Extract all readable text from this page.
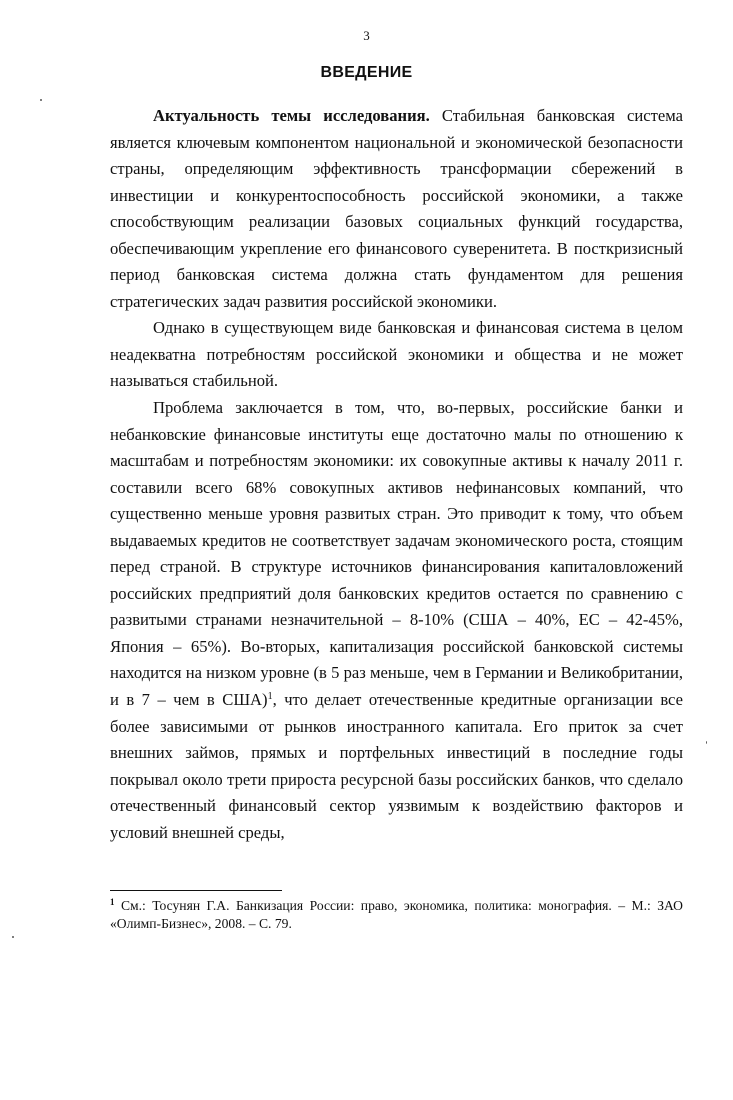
3
ВВЕДЕНИЕ

Актуальность темы исследования. Стабильная банковская система является ключевым компонентом национальной и экономической безопасности страны, определяющим эффективность трансформации сбережений в инвестиции и конкурентоспособность российской экономики, а также способствующим реализации базовых социальных функций государства, обеспечивающим укрепление его финансового суверенитета. В посткризисный период банковская система должна стать фундаментом для решения стратегических задач развития российской экономики.

Однако в существующем виде банковская и финансовая система в целом неадекватна потребностям российской экономики и общества и не может называться стабильной.

Проблема заключается в том, что, во-первых, российские банки и небанковские финансовые институты еще достаточно малы по отношению к масштабам и потребностям экономики: их совокупные активы к началу 2011 г. составили всего 68% совокупных активов нефинансовых компаний, что существенно меньше уровня развитых стран. Это приводит к тому, что объем выдаваемых кредитов не соответствует задачам экономического роста, стоящим перед страной. В структуре источников финансирования капиталовложений российских предприятий доля банковских кредитов остается по сравнению с развитыми странами незначительной – 8-10% (США – 40%, ЕС – 42-45%, Япония – 65%). Во-вторых, капитализация российской банковской системы находится на низком уровне (в 5 раз меньше, чем в Германии и Великобритании, и в 7 – чем в США)$^1$, что делает отечественные кредитные организации все более зависимыми от рынков иностранного капитала. Его приток за счет внешних займов, прямых и портфельных инвестиций в последние годы покрывал около трети прироста ресурсной базы российских банков, что сделало отечественный финансовый сектор уязвимым к воздействию факторов и условий внешней среды,

$^1$ См.: Тосунян Г.А. Банкизация России: право, экономика, политика: монография. – М.: ЗАО «Олимп-Бизнес», 2008. – С. 79.
